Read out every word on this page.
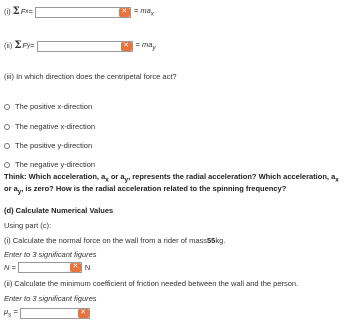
(i) Σ F x =	✕ = $ma_x$
(ii) Σ F y =	✕ = $ma_y$
(iii) In which direction does the centripetal force act?
The positive x-direction
The negative x-direction
The positive y-direction
The negative y-direction
Think: Which acceleration, $a_x$ or $a_y$, represents the radial acceleration? Which acceleration, $a_x$ or $a_y$, is zero? How is the radial acceleration related to the spinning frequency?
(d) Calculate Numerical Values
Using part (c):
(i) Calculate the normal force on the wall from a rider of mass 55 kg.
Enter to 3 significant figures
N =	✕ N
(ii) Calculate the minimum coefficient of friction needed between the wall and the person.
Enter to 3 significant figures
$\mu_s$ =	✕
